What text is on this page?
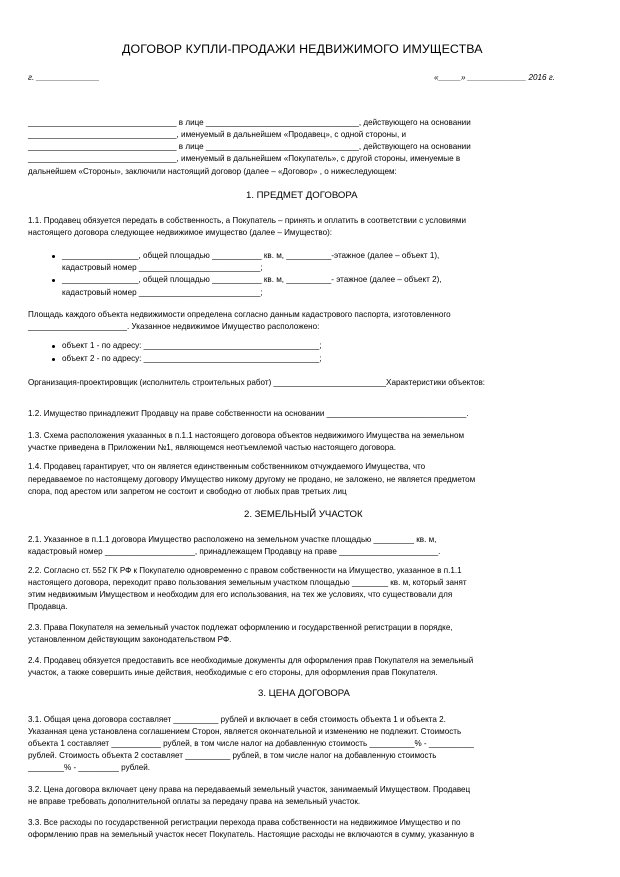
ДОГОВОР КУПЛИ-ПРОДАЖИ НЕДВИЖИМОГО ИМУЩЕСТВА
г. ______________	«_____» _____________ 2016 г.
_________________________________ в лице __________________________________, действующего на основании
_________________________________, именуемый в дальнейшем «Продавец», с одной стороны, и
_________________________________ в лице __________________________________, действующего на основании
_________________________________, именуемый в дальнейшем «Покупатель», с другой стороны, именуемые в
дальнейшем «Стороны», заключили настоящий договор (далее – «Договор» , о нижеследующем:
1. ПРЕДМЕТ ДОГОВОРА
1.1. Продавец обязуется передать в собственность, а Покупатель – принять и оплатить в соответствии с условиями
настоящего договора следующее недвижимое имущество (далее – Имущество):
_________________, общей площадью ___________ кв. м, __________-этажное (далее – объект 1),
кадастровый номер ___________________________;
_________________, общей площадью ___________ кв. м, __________- этажное (далее – объект 2),
кадастровый номер ___________________________;
Площадь каждого объекта недвижимости определена согласно данным кадастрового паспорта, изготовленного
______________________. Указанное недвижимое Имущество расположено:
объект 1 - по адресу: _______________________________________;
объект 2 - по адресу: _______________________________________;
Организация-проектировщик (исполнитель строительных работ) _________________________Характеристики объектов:
1.2. Имущество принадлежит Продавцу на праве собственности на основании _______________________________.
1.3. Схема расположения указанных в п.1.1 настоящего договора объектов недвижимого Имущества на земельном
участке приведена в Приложении №1, являющемся неотъемлемой частью настоящего договора.
1.4. Продавец гарантирует, что он является единственным собственником отчуждаемого Имущества, что
передаваемое по настоящему договору Имущество никому другому не продано, не заложено, не является предметом
спора, под арестом или запретом не состоит и свободно от любых прав третьих лиц
2. ЗЕМЕЛЬНЫЙ УЧАСТОК
2.1. Указанное в п.1.1 договора Имущество расположено на земельном участке площадью _________ кв. м,
кадастровый номер ____________________, принадлежащем Продавцу на праве ______________________.
2.2. Согласно ст. 552 ГК РФ к Покупателю одновременно с правом собственности на Имущество, указанное в п.1.1
настоящего договора, переходит право пользования земельным участком площадью ________ кв. м, который занят
этим недвижимым Имуществом и необходим для его использования, на тех же условиях, что существовали для
Продавца.
2.3. Права Покупателя на земельный участок подлежат оформлению и государственной регистрации в порядке,
установленном действующим законодательством РФ.
2.4. Продавец обязуется предоставить все необходимые документы для оформления прав Покупателя на земельный
участок, а также совершить иные действия, необходимые с его стороны, для оформления прав Покупателя.
3. ЦЕНА ДОГОВОРА
3.1. Общая цена договора составляет __________ рублей и включает в себя стоимость объекта 1 и объекта 2.
Указанная цена установлена соглашением Сторон, является окончательной и изменению не подлежит. Стоимость
объекта 1 составляет ___________ рублей, в том числе налог на добавленную стоимость __________% - __________
рублей. Стоимость объекта 2 составляет __________ рублей, в том числе налог на добавленную стоимость
________% - _________ рублей.
3.2. Цена договора включает цену права на передаваемый земельный участок, занимаемый Имуществом. Продавец
не вправе требовать дополнительной оплаты за передачу права на земельный участок.
3.3. Все расходы по государственной регистрации перехода права собственности на недвижимое Имущество и по
оформлению прав на земельный участок несет Покупатель. Настоящие расходы не включаются в сумму, указанную в
